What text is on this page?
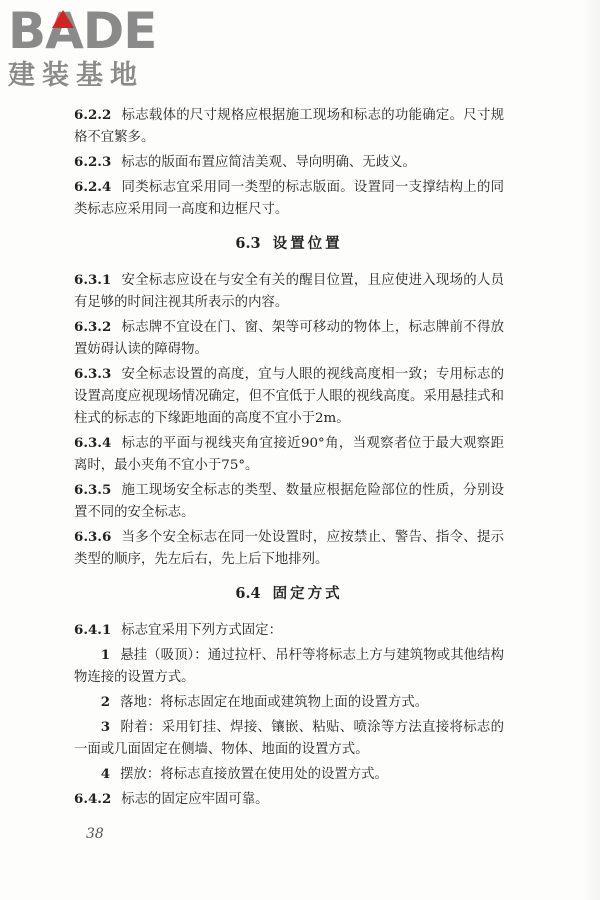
BADE
建装基地
6.2.2 标志载体的尺寸规格应根据施工现场和标志的功能确定。尺寸规格不宜繁多。
6.2.3 标志的版面布置应简洁美观、导向明确、无歧义。
6.2.4 同类标志宜采用同一类型的标志版面。设置同一支撑结构上的同类标志应采用同一高度和边框尺寸。
6.3 设置位置
6.3.1 安全标志应设在与安全有关的醒目位置，且应使进入现场的人员有足够的时间注视其所表示的内容。
6.3.2 标志牌不宜设在门、窗、架等可移动的物体上，标志牌前不得放置妨碍认读的障碍物。
6.3.3 安全标志设置的高度，宜与人眼的视线高度相一致；专用标志的设置高度应视现场情况确定，但不宜低于人眼的视线高度。采用悬挂式和柱式的标志的下缘距地面的高度不宜小于2m。
6.3.4 标志的平面与视线夹角宜接近90°角，当观察者位于最大观察距离时，最小夹角不宜小于75°。
6.3.5 施工现场安全标志的类型、数量应根据危险部位的性质，分别设置不同的安全标志。
6.3.6 当多个安全标志在同一处设置时，应按禁止、警告、指令、提示类型的顺序，先左后右，先上后下地排列。
6.4 固定方式
6.4.1 标志宜采用下列方式固定：
1 悬挂（吸顶）：通过拉杆、吊杆等将标志上方与建筑物或其他结构物连接的设置方式。
2 落地：将标志固定在地面或建筑物上面的设置方式。
3 附着：采用钉挂、焊接、镶嵌、粘贴、喷涂等方法直接将标志的一面或几面固定在侧墙、物体、地面的设置方式。
4 摆放：将标志直接放置在使用处的设置方式。
6.4.2 标志的固定应牢固可靠。
38
